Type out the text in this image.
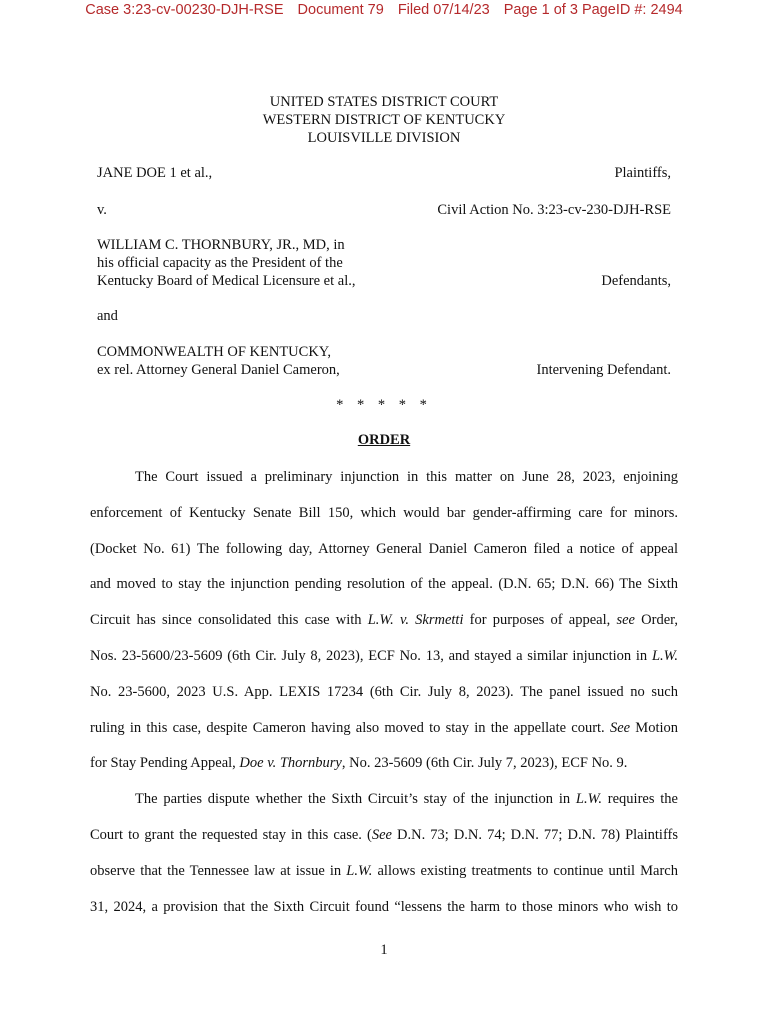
Case 3:23-cv-00230-DJH-RSE Document 79 Filed 07/14/23 Page 1 of 3 PageID #: 2494
UNITED STATES DISTRICT COURT
WESTERN DISTRICT OF KENTUCKY
LOUISVILLE DIVISION
JANE DOE 1 et al.,	Plaintiffs,
v.	Civil Action No. 3:23-cv-230-DJH-RSE
WILLIAM C. THORNBURY, JR., MD, in
his official capacity as the President of the
Kentucky Board of Medical Licensure et al.,	Defendants,
and
COMMONWEALTH OF KENTUCKY,
ex rel. Attorney General Daniel Cameron,	Intervening Defendant.
* * * * *
ORDER
The Court issued a preliminary injunction in this matter on June 28, 2023, enjoining
enforcement of Kentucky Senate Bill 150, which would bar gender-affirming care for minors.
(Docket No. 61) The following day, Attorney General Daniel Cameron filed a notice of appeal
and moved to stay the injunction pending resolution of the appeal. (D.N. 65; D.N. 66) The Sixth
Circuit has since consolidated this case with L.W. v. Skrmetti for purposes of appeal, see Order,
Nos. 23-5600/23-5609 (6th Cir. July 8, 2023), ECF No. 13, and stayed a similar injunction in L.W.
No. 23-5600, 2023 U.S. App. LEXIS 17234 (6th Cir. July 8, 2023). The panel issued no such
ruling in this case, despite Cameron having also moved to stay in the appellate court. See Motion
for Stay Pending Appeal, Doe v. Thornbury, No. 23-5609 (6th Cir. July 7, 2023), ECF No. 9.
The parties dispute whether the Sixth Circuit’s stay of the injunction in L.W. requires the
Court to grant the requested stay in this case. (See D.N. 73; D.N. 74; D.N. 77; D.N. 78) Plaintiffs
observe that the Tennessee law at issue in L.W. allows existing treatments to continue until March
31, 2024, a provision that the Sixth Circuit found “lessens the harm to those minors who wish to
1
